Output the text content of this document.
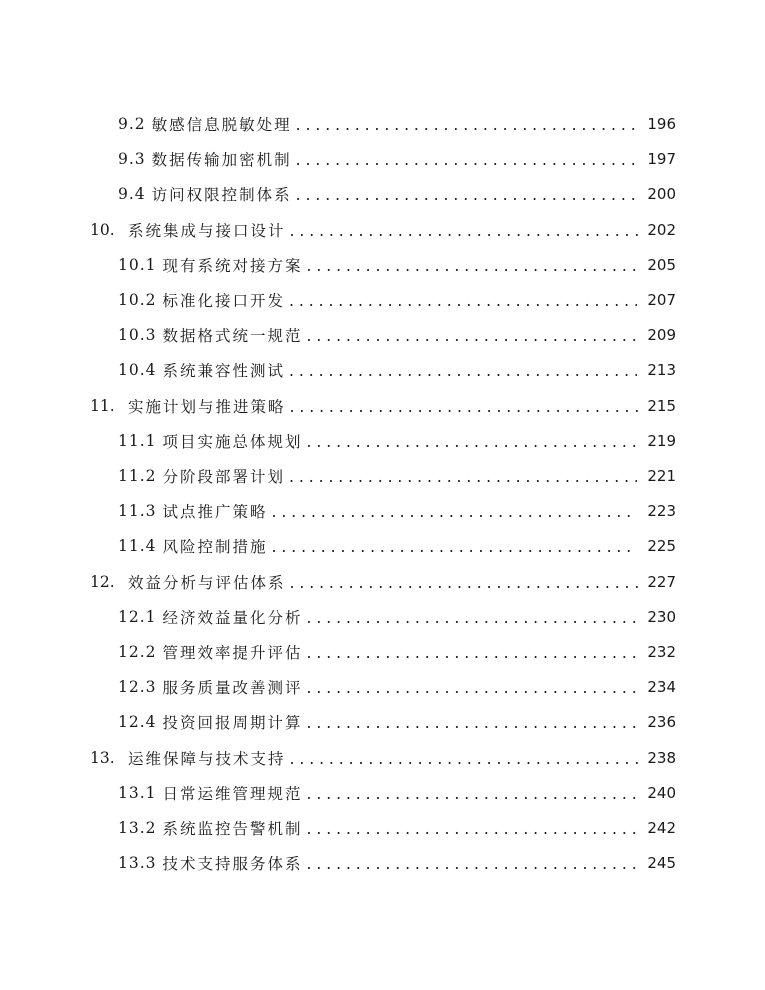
9.2 敏感信息脱敏处理 . . .	196
9.3 数据传输加密机制 . . .	197
9.4 访问权限控制体系 . . .	200
10. 系统集成与接口设计 . . .	202
10.1 现有系统对接方案 . . .	205
10.2 标准化接口开发 . . .	207
10.3 数据格式统一规范 . . .	209
10.4 系统兼容性测试 . . .	213
11. 实施计划与推进策略 . . .	215
11.1 项目实施总体规划 . . .	219
11.2 分阶段部署计划 . . .	221
11.3 试点推广策略 . . .	223
11.4 风险控制措施 . . .	225
12. 效益分析与评估体系 . . .	227
12.1 经济效益量化分析 . . .	230
12.2 管理效率提升评估 . . .	232
12.3 服务质量改善测评 . . .	234
12.4 投资回报周期计算 . . .	236
13. 运维保障与技术支持 . . .	238
13.1 日常运维管理规范 . . .	240
13.2 系统监控告警机制 . . .	242
13.3 技术支持服务体系 . . .	245
